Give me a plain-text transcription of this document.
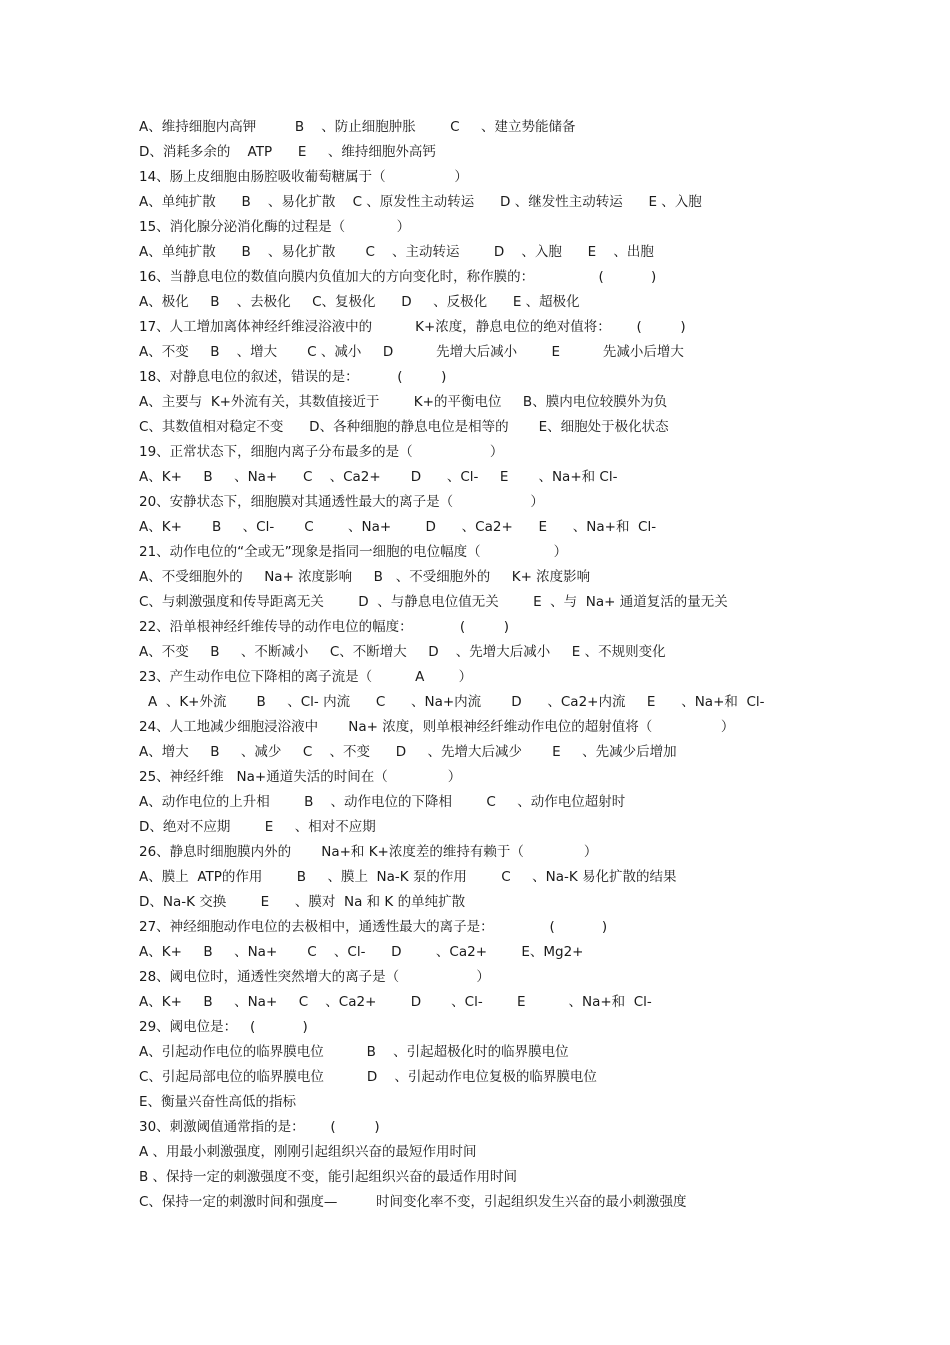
A、维持细胞内高钾         B    、防止细胞肿胀        C     、建立势能储备
D、消耗多余的    ATP      E     、维持细胞外高钙
14、肠上皮细胞由肠腔吸收葡萄糖属于（                ）
A、单纯扩散      B    、易化扩散    C 、原发性主动转运      D 、继发性主动转运      E 、入胞
15、消化腺分泌消化酶的过程是（            ）
A、单纯扩散      B    、易化扩散       C    、主动转运        D    、入胞      E    、出胞
16、当静息电位的数值向膜内负值加大的方向变化时，称作膜的：               (           )
A、极化     B    、去极化     C、复极化      D     、反极化      E 、超极化
17、人工增加离体神经纤维浸浴液中的          K+浓度，静息电位的绝对值将：      (         )
A、不变     B    、增大       C 、减小     D          先增大后减小        E          先减小后增大
18、对静息电位的叙述，错误的是：         (         )
A、主要与  K+外流有关，其数值接近于        K+的平衡电位     B、膜内电位较膜外为负
C、其数值相对稳定不变      D、各种细胞的静息电位是相等的       E、细胞处于极化状态
19、正常状态下，细胞内离子分布最多的是（                  ）
A、K+     B     、Na+      C    、Ca2+       D      、Cl-     E       、Na+和 Cl-
20、安静状态下，细胞膜对其通透性最大的离子是（                  ）
A、K+       B     、Cl-       C        、Na+        D      、Ca2+      E      、Na+和  Cl-
21、动作电位的“全或无”现象是指同一细胞的电位幅度（                 ）
A、不受细胞外的     Na+ 浓度影响     B   、不受细胞外的     K+ 浓度影响
C、与刺激强度和传导距离无关        D  、与静息电位值无关        E  、与  Na+ 通道复活的量无关
22、沿单根神经纤维传导的动作电位的幅度：           (         )
A、不变     B     、不断减小     C、不断增大     D    、先增大后减小     E 、不规则变化
23、产生动作电位下降相的离子流是（          A        ）
A  、K+外流       B     、Cl- 内流      C      、Na+内流       D      、Ca2+内流     E      、Na+和  Cl-
24、人工地减少细胞浸浴液中       Na+ 浓度，则单根神经纤维动作电位的超射值将（                ）
A、增大     B     、减少     C    、不变      D     、先增大后减少       E     、先减少后增加
25、神经纤维   Na+通道失活的时间在（              ）
A、动作电位的上升相        B    、动作电位的下降相        C     、动作电位超射时
D、绝对不应期        E     、相对不应期
26、静息时细胞膜内外的       Na+和 K+浓度差的维持有赖于（              ）
A、膜上  ATP的作用        B     、膜上  Na-K 泵的作用        C     、Na-K 易化扩散的结果
D、Na-K 交换        E      、膜对  Na 和 K 的单纯扩散
27、神经细胞动作电位的去极相中，通透性最大的离子是：             (           )
A、K+     B     、Na+       C    、Cl-      D        、Ca2+        E、Mg2+
28、阈电位时，通透性突然增大的离子是（                  ）
A、K+     B     、Na+     C    、Ca2+        D       、Cl-        E          、Na+和  Cl-
29、阈电位是：   (           )
A、引起动作电位的临界膜电位          B    、引起超极化时的临界膜电位
C、引起局部电位的临界膜电位          D    、引起动作电位复极的临界膜电位
E、衡量兴奋性高低的指标
30、刺激阈值通常指的是：      (         )
A 、用最小刺激强度，刚刚引起组织兴奋的最短作用时间
B 、保持一定的刺激强度不变，能引起组织兴奋的最适作用时间
C、保持一定的刺激时间和强度—         时间变化率不变，引起组织发生兴奋的最小刺激强度
